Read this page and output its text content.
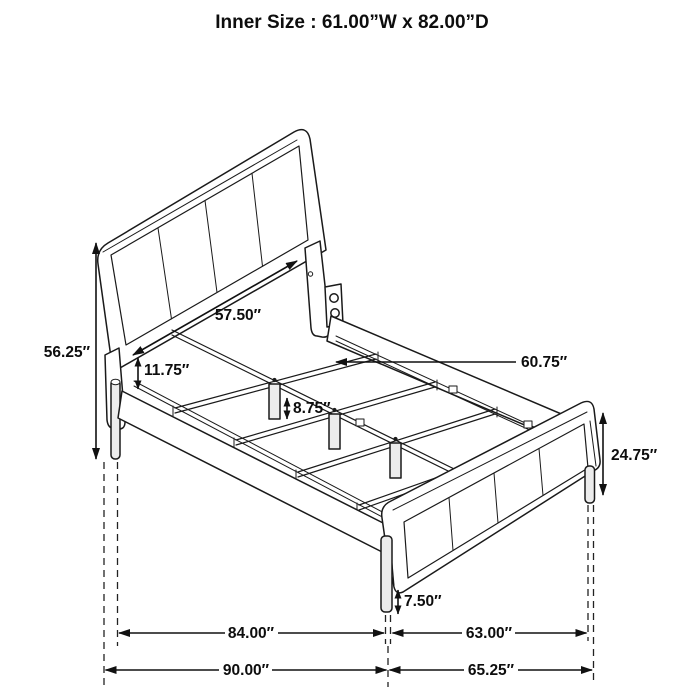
Inner Size : 61.00”W x 82.00”D
56.25″
57.50″
11.75″	60.75″
8.75″
24.75″
7.50″
84.00″	63.00″
90.00″	65.25″
